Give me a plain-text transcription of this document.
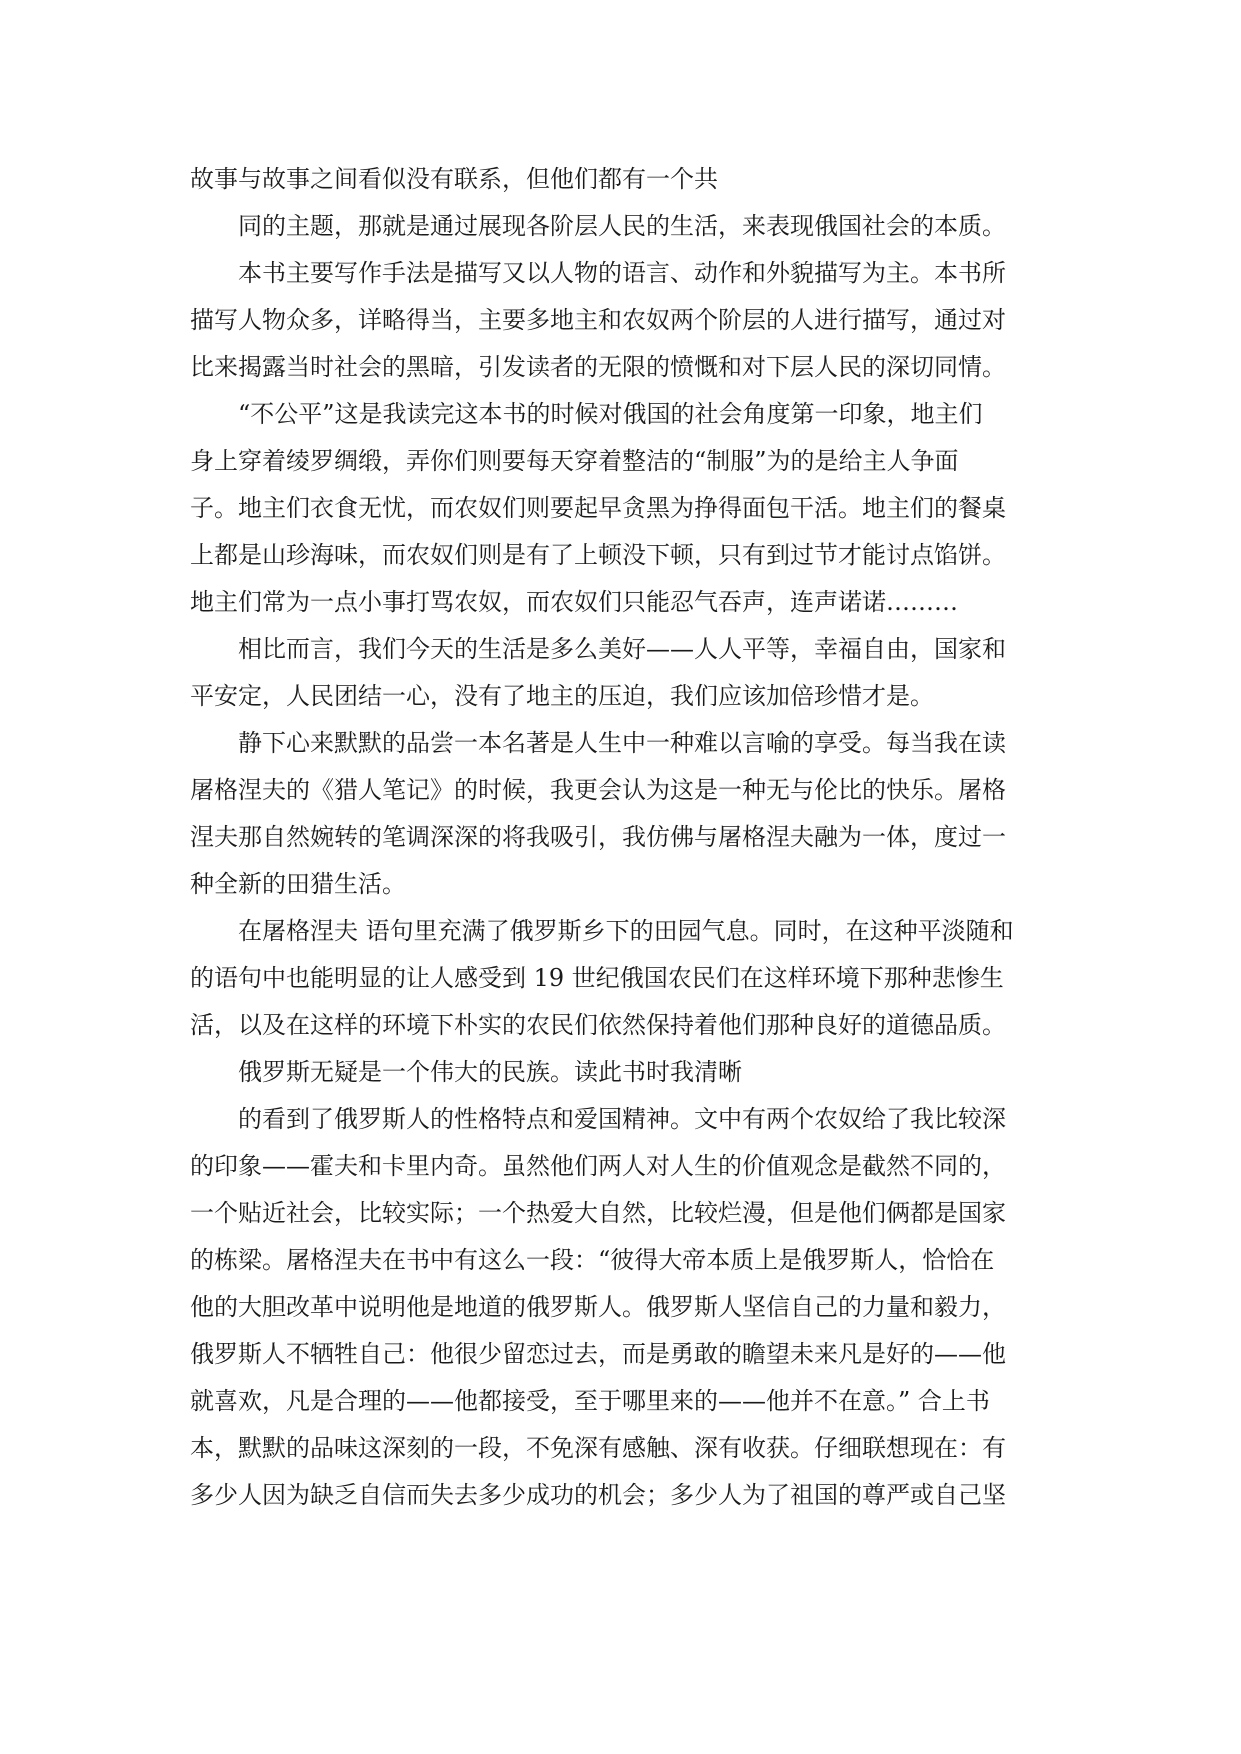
故事与故事之间看似没有联系，但他们都有一个共
同的主题，那就是通过展现各阶层人民的生活，来表现俄国社会的本质。
本书主要写作手法是描写又以人物的语言、动作和外貌描写为主。本书所
描写人物众多，详略得当，主要多地主和农奴两个阶层的人进行描写，通过对
比来揭露当时社会的黑暗，引发读者的无限的愤慨和对下层人民的深切同情。
“不公平”这是我读完这本书的时候对俄国的社会角度第一印象，地主们
身上穿着绫罗绸缎，弄你们则要每天穿着整洁的“制服”为的是给主人争面
子。地主们衣食无忧，而农奴们则要起早贪黑为挣得面包干活。地主们的餐桌
上都是山珍海味，而农奴们则是有了上顿没下顿，只有到过节才能讨点馅饼。
地主们常为一点小事打骂农奴，而农奴们只能忍气吞声，连声诺诺………
相比而言，我们今天的生活是多么美好——人人平等，幸福自由，国家和
平安定，人民团结一心，没有了地主的压迫，我们应该加倍珍惜才是。
静下心来默默的品尝一本名著是人生中一种难以言喻的享受。每当我在读
屠格涅夫的《猎人笔记》的时候，我更会认为这是一种无与伦比的快乐。屠格
涅夫那自然婉转的笔调深深的将我吸引，我仿佛与屠格涅夫融为一体，度过一
种全新的田猎生活。
在屠格涅夫 语句里充满了俄罗斯乡下的田园气息。同时，在这种平淡随和
的语句中也能明显的让人感受到 19 世纪俄国农民们在这样环境下那种悲惨生
活，以及在这样的环境下朴实的农民们依然保持着他们那种良好的道德品质。
俄罗斯无疑是一个伟大的民族。读此书时我清晰
的看到了俄罗斯人的性格特点和爱国精神。文中有两个农奴给了我比较深
的印象——霍夫和卡里内奇。虽然他们两人对人生的价值观念是截然不同的，
一个贴近社会，比较实际；一个热爱大自然，比较烂漫，但是他们俩都是国家
的栋梁。屠格涅夫在书中有这么一段：“彼得大帝本质上是俄罗斯人，恰恰在
他的大胆改革中说明他是地道的俄罗斯人。俄罗斯人坚信自己的力量和毅力，
俄罗斯人不牺牲自己：他很少留恋过去，而是勇敢的瞻望未来凡是好的——他
就喜欢，凡是合理的——他都接受，至于哪里来的——他并不在意。” 合上书
本，默默的品味这深刻的一段，不免深有感触、深有收获。仔细联想现在：有
多少人因为缺乏自信而失去多少成功的机会；多少人为了祖国的尊严或自己坚
